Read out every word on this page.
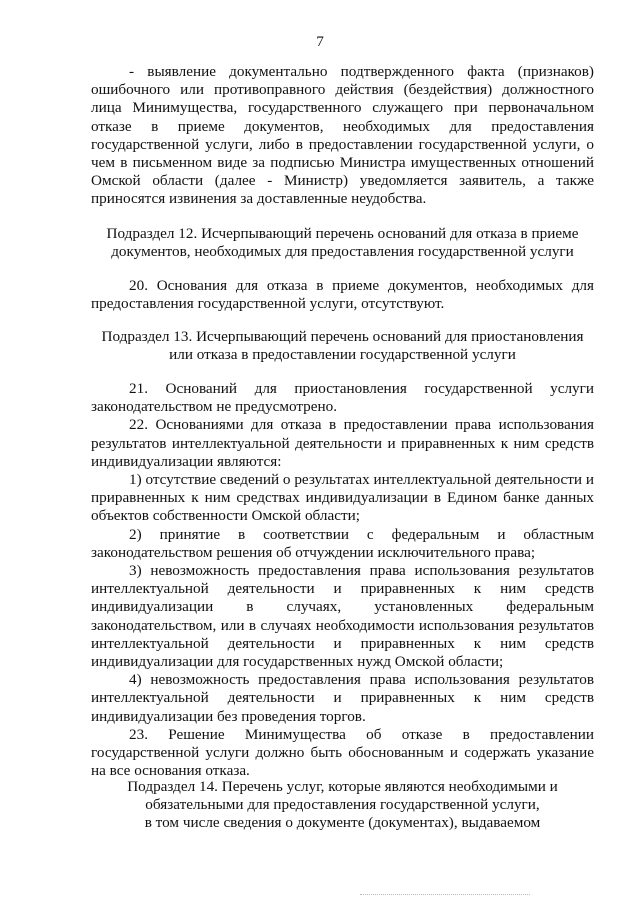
7

- выявление документально подтвержденного факта (признаков) ошибочного или противоправного действия (бездействия) должностного лица Минимущества, государственного служащего при первоначальном отказе в приеме документов, необходимых для предоставления государственной услуги, либо в предоставлении государственной услуги, о чем в письменном виде за подписью Министра имущественных отношений Омской области (далее - Министр) уведомляется заявитель, а также приносятся извинения за доставленные неудобства.

Подраздел 12. Исчерпывающий перечень оснований для отказа в приеме

документов, необходимых для предоставления государственной услуги

20. Основания для отказа в приеме документов, необходимых для предоставления государственной услуги, отсутствуют.

Подраздел 13. Исчерпывающий перечень оснований для приостановления

или отказа в предоставлении государственной услуги

21. Оснований для приостановления государственной услуги законодательством не предусмотрено.

22. Основаниями для отказа в предоставлении права использования результатов интеллектуальной деятельности и приравненных к ним средств индивидуализации являются:

1) отсутствие сведений о результатах интеллектуальной деятельности и приравненных к ним средствах индивидуализации в Едином банке данных объектов собственности Омской области;

2) принятие в соответствии с федеральным и областным законодательством решения об отчуждении исключительного права;

3) невозможность предоставления права использования результатов интеллектуальной деятельности и приравненных к ним средств индивидуализации в случаях, установленных федеральным законодательством, или в случаях необходимости использования результатов интеллектуальной деятельности и приравненных к ним средств индивидуализации для государственных нужд Омской области;

4) невозможность предоставления права использования результатов интеллектуальной деятельности и приравненных к ним средств индивидуализации без проведения торгов.

23. Решение Минимущества об отказе в предоставлении государственной услуги должно быть обоснованным и содержать указание на все основания отказа.

Подраздел 14. Перечень услуг, которые являются необходимыми и

обязательными для предоставления государственной услуги,

в том числе сведения о документе (документах), выдаваемом
